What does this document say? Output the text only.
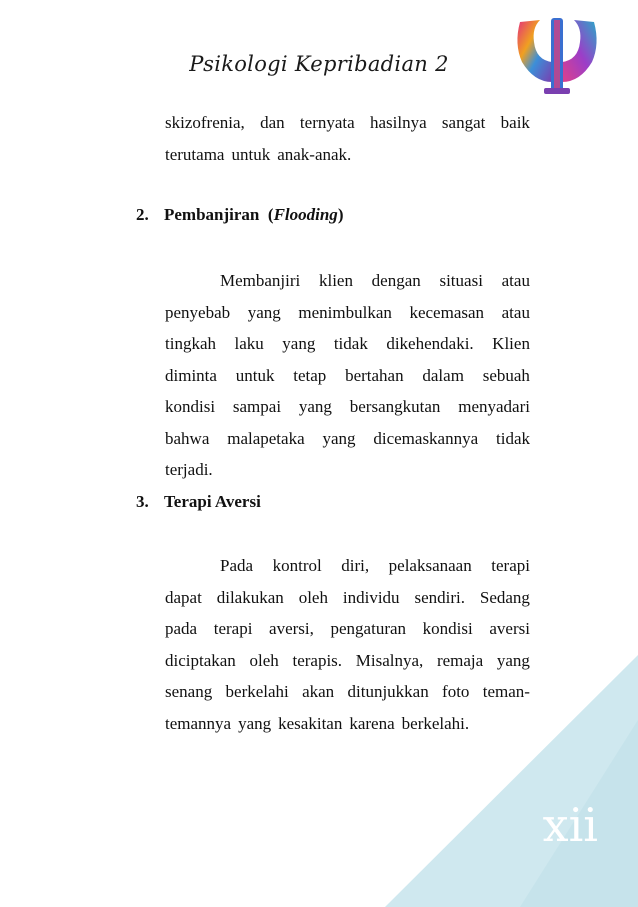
Psikologi Kepribadian 2
skizofrenia, dan ternyata hasilnya sangat baik
terutama untuk anak-anak.
2. Pembanjiran  (Flooding)
Membanjiri klien dengan situasi atau
penyebab yang menimbulkan kecemasan atau
tingkah laku yang tidak dikehendaki. Klien
diminta untuk tetap bertahan dalam sebuah
kondisi sampai yang bersangkutan menyadari
bahwa malapetaka yang dicemaskannya tidak
terjadi.
3. Terapi Aversi
Pada kontrol diri, pelaksanaan terapi
dapat dilakukan oleh individu sendiri. Sedang
pada terapi aversi, pengaturan kondisi aversi
diciptakan oleh terapis. Misalnya, remaja yang
senang berkelahi akan ditunjukkan foto teman-
temannya yang kesakitan karena berkelahi.
xii
